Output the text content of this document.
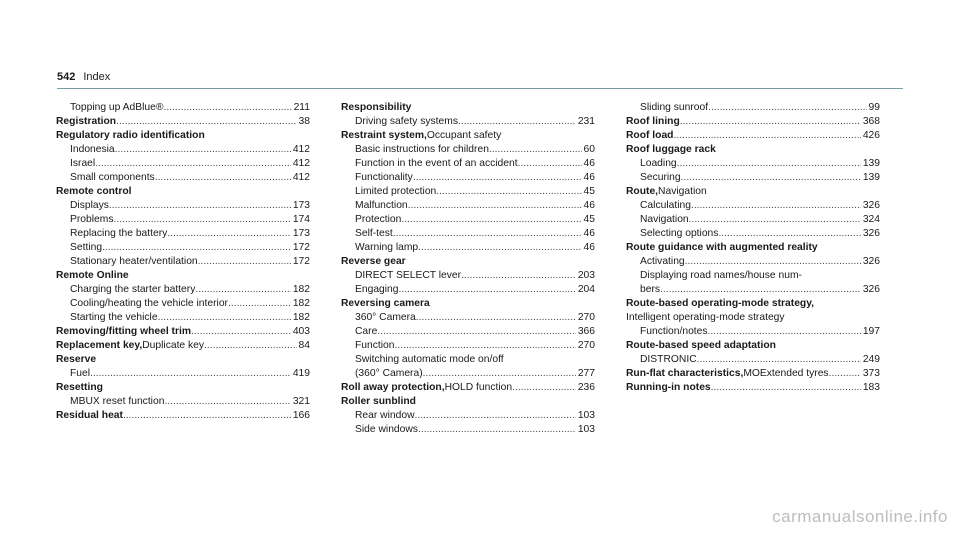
542 Index
Topping up AdBlue® .....	211
Registration .....	38
Regulatory radio identification
Indonesia .....	412
Israel .....	412
Small components .....	412
Remote control
Displays .....	173
Problems .....	174
Replacing the battery .....	173
Setting .....	172
Stationary heater/ventilation .....	172
Remote Online
Charging the starter battery .....	182
Cooling/heating the vehicle interior .....	182
Starting the vehicle .....	182
Removing/fitting wheel trim .....	403
Replacement key, Duplicate key .....	84
Reserve
Fuel .....	419
Resetting
MBUX reset function .....	321
Residual heat .....	166
Responsibility
Driving safety systems .....	231
Restraint system, Occupant safety
Basic instructions for children .....	60
Function in the event of an accident .....	46
Functionality .....	46
Limited protection .....	45
Malfunction .....	46
Protection .....	45
Self-test .....	46
Warning lamp .....	46
Reverse gear
DIRECT SELECT lever .....	203
Engaging .....	204
Reversing camera
360° Camera .....	270
Care .....	366
Function .....	270
Switching automatic mode on/off
(360° Camera) .....	277
Roll away protection, HOLD function .....	236
Roller sunblind
Rear window .....	103
Side windows .....	103
Sliding sunroof .....	99
Roof lining .....	368
Roof load .....	426
Roof luggage rack
Loading .....	139
Securing .....	139
Route, Navigation
Calculating .....	326
Navigation .....	324
Selecting options .....	326
Route guidance with augmented reality
Activating .....	326
Displaying road names/house num-
bers .....	326
Route-based operating-mode strategy,
Intelligent operating-mode strategy
Function/notes .....	197
Route-based speed adaptation
DISTRONIC .....	249
Run-flat characteristics, MOExtended tyres .....	373
Running-in notes .....	183
carmanualsonline.info
